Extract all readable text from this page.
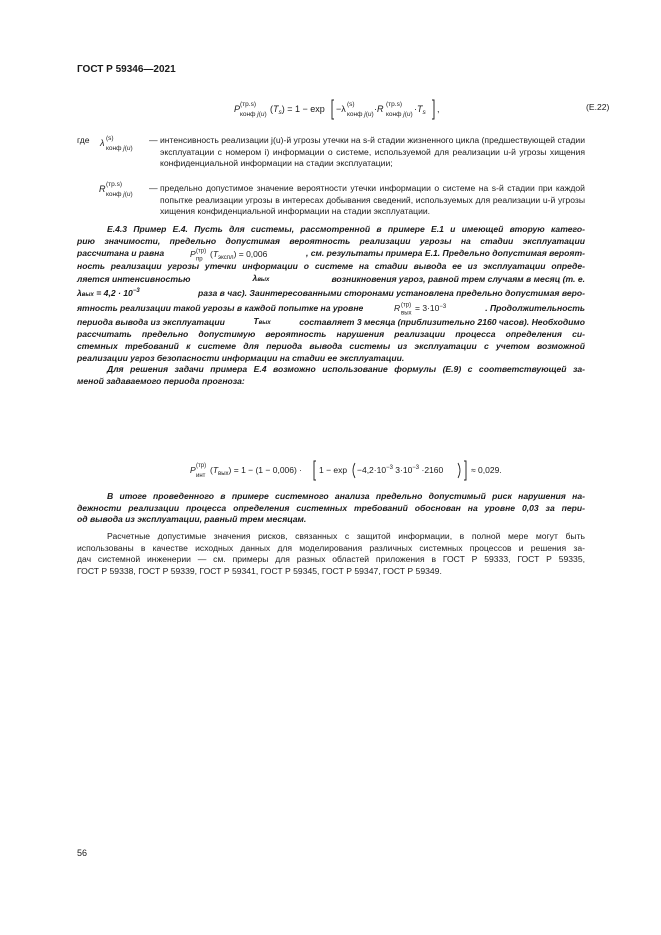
ГОСТ Р 59346—2021
P (тр.s)
конф j(u)
$(T_s) = 1 - \exp -\lambda$ (s)
конф j(u)
·R (тр.s)
конф j(u)
$\cdot T_s$ ,	(Е.22)
где λ (s)
конф j(u)
— интенсивность реализации j(u)-й угрозы утечки на s-й стадии жизненного цикла (предшествующей стадии эксплуатации с номером i) информации о системе, используемой для реализации u-й угрозы хищения конфиденциальной информации на стадии эксплуатации;
R (тр.s)
конф j(u)
— предельно допустимое значение вероятности утечки информации о системе на s-й стадии при каждой попытке реализации угрозы в интересах добывания сведений, используемых для реализации u-й угрозы хищения конфиденциальной информации на стадии эксплуатации.
Е.4.3 Пример Е.4. Пусть для системы, рассмотренной в примере Е.1 и имеющей вторую катего-
рию значимости, предельно допустимая вероятность реализации угрозы на стадии эксплуатации
рассчитана и равна	P (тр)
пр
$(T_{экспл}) = 0,006$	, см. результаты примера Е.1. Предельно допустимая вероят-
ность реализации угрозы утечки информации о системе на стадии вывода ее из эксплуатации опреде-
ляется интенсивностью	λвых	возникновения угроз, равной трем случаям в месяц (т. е.
$\lambda вых = 4,2 \cdot 10^{-3}$	раза в час). Заинтересованными сторонами установлена предельно допустимая веро-
ятность реализации такой угрозы в каждой попытке на уровне	R (тр)
вых
= $3\cdot 10^{-3}$	. Продолжительность
периода вывода из эксплуатации	Tвых	составляет 3 месяца (приблизительно 2160 часов). Необходимо
рассчитать предельно допустимую вероятность нарушения реализации процесса определения си-
стемных требований к системе для периода вывода системы из эксплуатации с учетом возможной
реализации угроз безопасности информации на стадии ее эксплуатации.
Для решения задачи примера Е.4 возможно использование формулы (Е.9) с соответствующей за-
меной задаваемого периода прогноза:
P (тр)
инт
$(T_{вых}) = 1 - (1 - 0,006) \cdot 1 - \exp -4,2\cdot 10^{-3}$ $3\cdot 10^{-3} \cdot 2160$	≈ 0,029.
В итоге проведенного в примере системного анализа предельно допустимый риск нарушения на-
дежности реализации процесса определения системных требований обоснован на уровне 0,03 за пери-
од вывода из эксплуатации, равный трем месяцам.
Расчетные допустимые значения рисков, связанных с защитой информации, в полной мере могут быть
использованы в качестве исходных данных для моделирования различных системных процессов и решения за-
дач системной инженерии — см. примеры для разных областей приложения в ГОСТ Р 59333, ГОСТ Р 59335,
ГОСТ Р 59338, ГОСТ Р 59339, ГОСТ Р 59341, ГОСТ Р 59345, ГОСТ Р 59347, ГОСТ Р 59349.
56
